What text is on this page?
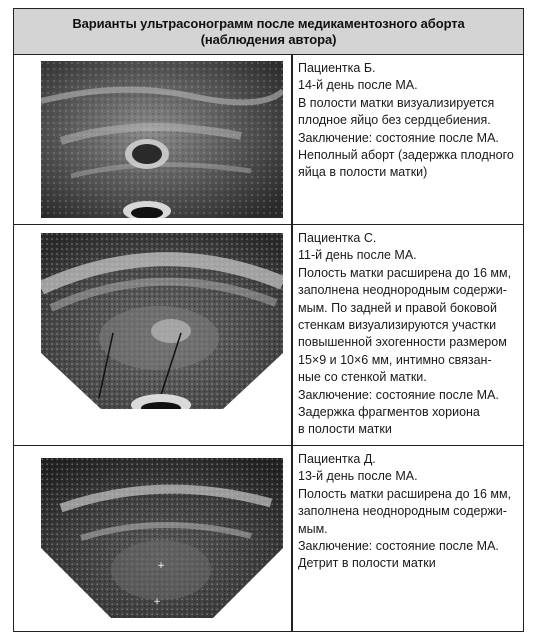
Варианты ультрасонограмм после медикаментозного аборта
(наблюдения автора)
Пациентка Б.
14-й день после МА.
В полости матки визуализируется
плодное яйцо без сердцебиения.
Заключение: состояние после МА.
Неполный аборт (задержка плодного
яйца в полости матки)
Пациентка С.
11-й день после МА.
Полость матки расширена до 16 мм,
заполнена неоднородным содержи-
мым. По задней и правой боковой
стенкам визуализируются участки
повышенной эхогенности размером
15×9 и 10×6 мм, интимно связан-
ные со стенкой матки.
Заключение: состояние после МА.
Задержка фрагментов хориона
в полости матки
+
+
Пациентка Д.
13-й день после МА.
Полость матки расширена до 16 мм,
заполнена неоднородным содержи-
мым.
Заключение: состояние после МА.
Детрит в полости матки
